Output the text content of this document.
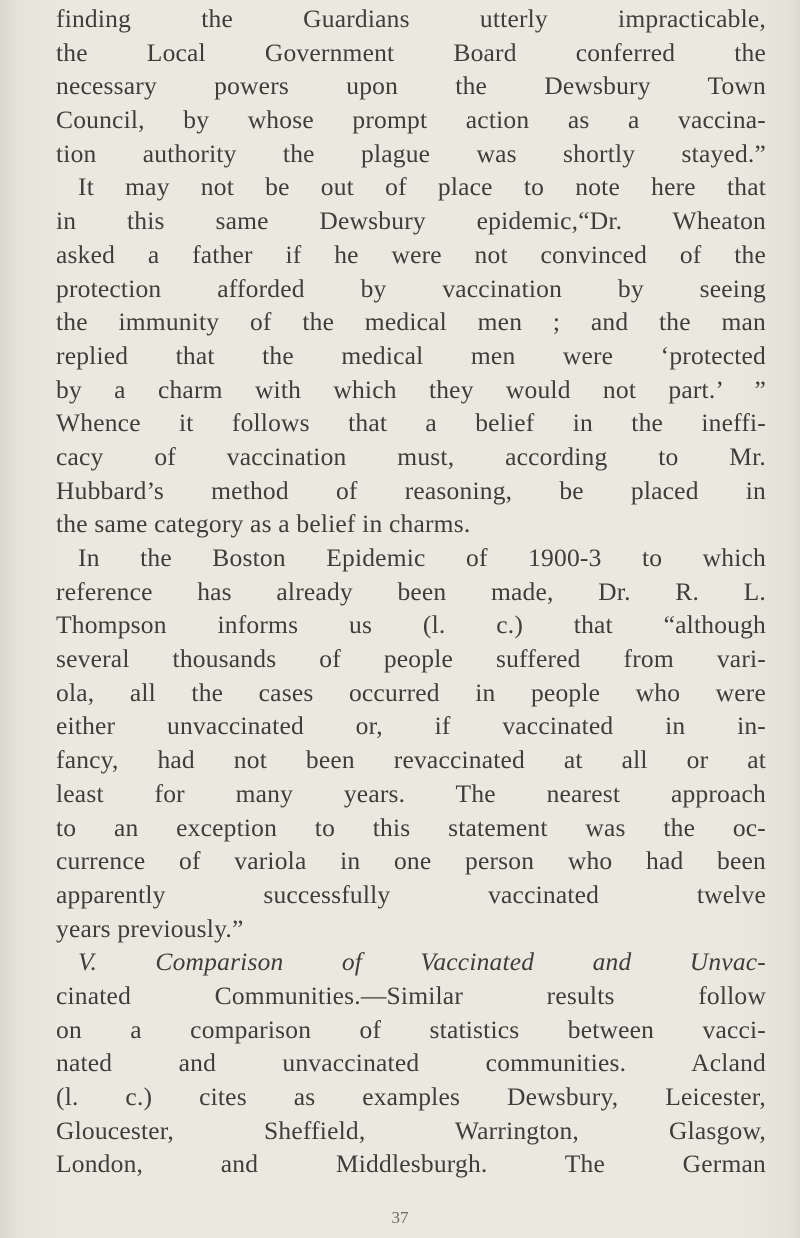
finding the Guardians utterly impracticable,
the Local Government Board conferred the
necessary powers upon the Dewsbury Town
Council, by whose prompt action as a vaccina-
tion authority the plague was shortly stayed.”
It may not be out of place to note here that
in this same Dewsbury epidemic,“Dr. Wheaton
asked a father if he were not convinced of the
protection afforded by vaccination by seeing
the immunity of the medical men ; and the man
replied that the medical men were ‘protected
by a charm with which they would not part.’ ”
Whence it follows that a belief in the ineffi-
cacy of vaccination must, according to Mr.
Hubbard’s method of reasoning, be placed in
the same category as a belief in charms.
In the Boston Epidemic of 1900-3 to which
reference has already been made, Dr. R. L.
Thompson informs us (l. c.) that “although
several thousands of people suffered from vari-
ola, all the cases occurred in people who were
either unvaccinated or, if vaccinated in in-
fancy, had not been revaccinated at all or at
least for many years. The nearest approach
to an exception to this statement was the oc-
currence of variola in one person who had been
apparently successfully vaccinated twelve
years previously.”
V. Comparison of Vaccinated and Unvac-
cinated Communities.—Similar results follow
on a comparison of statistics between vacci-
nated and unvaccinated communities. Acland
(l. c.) cites as examples Dewsbury, Leicester,
Gloucester, Sheffield, Warrington, Glasgow,
London, and Middlesburgh. The German
37
